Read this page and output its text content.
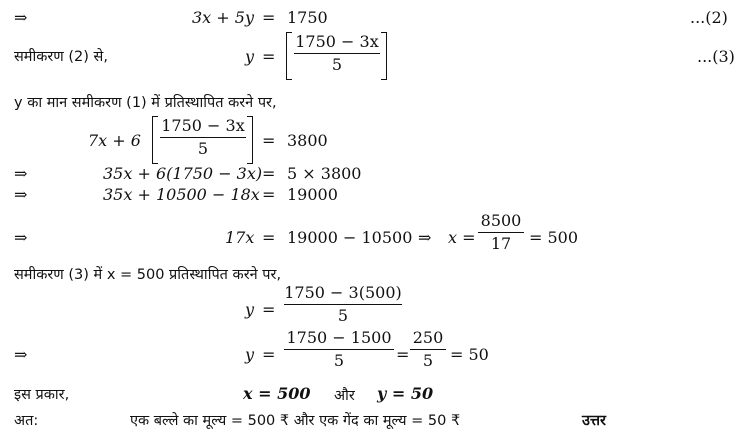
⇒	3x + 5y = 1750	...(2)
समीकरण (2) से,	y =
1750 − 3x
5	...(3)
y का मान समीकरण (1) में प्रतिस्थापित करने पर,
7x + 6
1750 − 3x
5	= 3800
⇒	35x + 6(1750 − 3x) = 5 × 3800
⇒	35x + 10500 − 18x = 19000
⇒	17x = 19000 − 10500 ⇒ x =
8500
17	= 500
समीकरण (3) में x = 500 प्रतिस्थापित करने पर,
y =
1750 − 3(500)
5
⇒	y =
1750 − 1500
5	=
250
5	= 50
इस प्रकार,	x = 500 और y = 50
अत:	एक बल्ले का मूल्य = 500 ₹ और एक गेंद का मूल्य = 50 ₹	उत्तर
